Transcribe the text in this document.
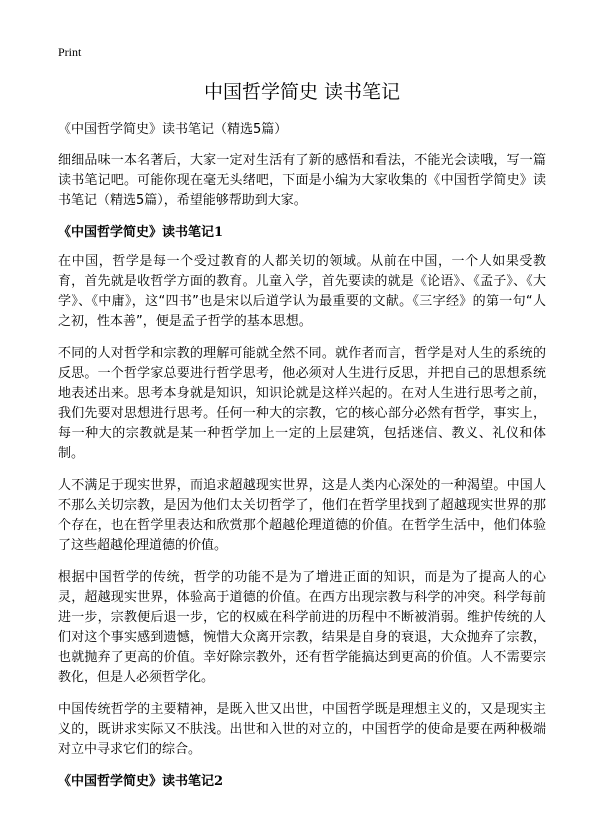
Print
中国哲学简史 读书笔记
《中国哲学简史》读书笔记（精选5篇）

细细品味一本名著后，大家一定对生活有了新的感悟和看法，不能光会读哦，写一篇读书笔记吧。可能你现在毫无头绪吧，下面是小编为大家收集的《中国哲学简史》读书笔记（精选5篇），希望能够帮助到大家。

《中国哲学简史》读书笔记1

在中国，哲学是每一个受过教育的人都关切的领域。从前在中国，一个人如果受教育，首先就是收哲学方面的教育。儿童入学，首先要读的就是《论语》、《孟子》、《大学》、《中庸》，这“四书”也是宋以后道学认为最重要的文献。《三字经》的第一句“人之初，性本善”，便是孟子哲学的基本思想。

不同的人对哲学和宗教的理解可能就全然不同。就作者而言，哲学是对人生的系统的反思。一个哲学家总要进行哲学思考，他必须对人生进行反思，并把自己的思想系统地表述出来。思考本身就是知识，知识论就是这样兴起的。在对人生进行思考之前，我们先要对思想进行思考。任何一种大的宗教，它的核心部分必然有哲学，事实上，每一种大的宗教就是某一种哲学加上一定的上层建筑，包括迷信、教义、礼仪和体制。

人不满足于现实世界，而追求超越现实世界，这是人类内心深处的一种渴望。中国人不那么关切宗教，是因为他们太关切哲学了，他们在哲学里找到了超越现实世界的那个存在，也在哲学里表达和欣赏那个超越伦理道德的价值。在哲学生活中，他们体验了这些超越伦理道德的价值。

根据中国哲学的传统，哲学的功能不是为了增进正面的知识，而是为了提高人的心灵，超越现实世界，体验高于道德的价值。在西方出现宗教与科学的冲突。科学每前进一步，宗教便后退一步，它的权威在科学前进的历程中不断被消弱。维护传统的人们对这个事实感到遗憾，惋惜大众离开宗教，结果是自身的衰退，大众抛弃了宗教，也就抛弃了更高的价值。幸好除宗教外，还有哲学能搞达到更高的价值。人不需要宗教化，但是人必须哲学化。

中国传统哲学的主要精神，是既入世又出世，中国哲学既是理想主义的，又是现实主义的，既讲求实际又不肤浅。出世和入世的对立的，中国哲学的使命是要在两种极端对立中寻求它们的综合。

《中国哲学简史》读书笔记2
